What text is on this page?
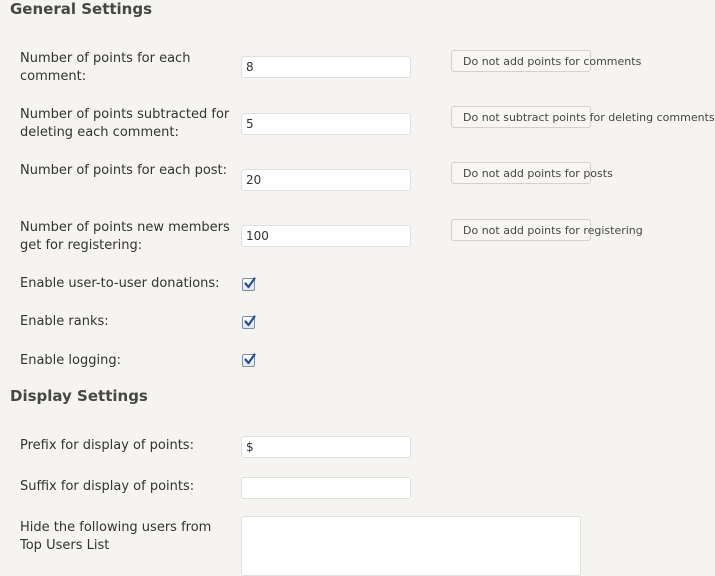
General Settings
Number of points for each comment:
8
Do not add points for comments
Number of points subtracted for deleting each comment:
5
Do not subtract points for deleting comments
Number of points for each post:
20	Do not add points for posts
Number of points new members get for registering:
100
Do not add points for registering
Enable user-to-user donations:
Enable ranks:
Enable logging:
Display Settings
Prefix for display of points:
$
Suffix for display of points:
Hide the following users from Top Users List
